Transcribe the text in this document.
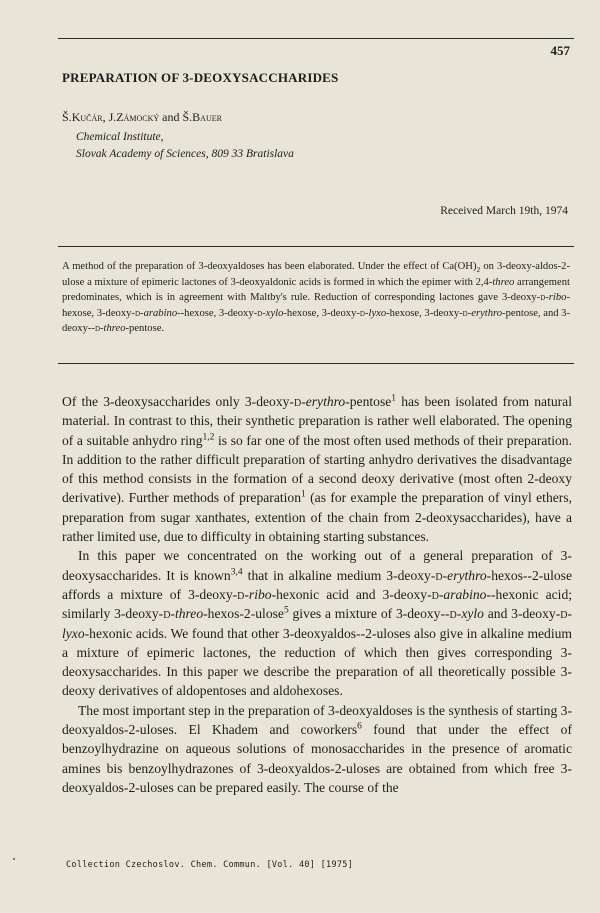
457
PREPARATION OF 3-DEOXYSACCHARIDES
Š.Kučár, J.Zámocký and Š.Bauer
Chemical Institute,
Slovak Academy of Sciences, 809 33 Bratislava
Received March 19th, 1974
A method of the preparation of 3-deoxyaldoses has been elaborated. Under the effect of $Ca(OH)_2$ on 3-deoxy-aldos-2-ulose a mixture of epimeric lactones of 3-deoxyaldonic acids is formed in which the epimer with 2,4-threo arrangement predominates, which is in agreement with Maltby's rule. Reduction of corresponding lactones gave 3-deoxy-d-ribo-hexose, 3-deoxy-d-arabino--hexose, 3-deoxy-d-xylo-hexose, 3-deoxy-d-lyxo-hexose, 3-deoxy-d-erythro-pentose, and 3-deoxy--d-threo-pentose.

Of the 3-deoxysaccharides only 3-deoxy-d-erythro-pentose$^1$ has been isolated from natural material. In contrast to this, their synthetic preparation is rather well elaborated. The opening of a suitable anhydro ring$^{1,2}$ is so far one of the most often used methods of their preparation. In addition to the rather difficult preparation of starting anhydro derivatives the disadvantage of this method consists in the formation of a second deoxy derivative (most often 2-deoxy derivative). Further methods of preparation$^1$ (as for example the preparation of vinyl ethers, preparation from sugar xanthates, extention of the chain from 2-deoxysaccharides), have a rather limited use, due to difficulty in obtaining starting substances.

In this paper we concentrated on the working out of a general preparation of 3-deoxysaccharides. It is known$^{3,4}$ that in alkaline medium 3-deoxy-d-erythro-hexos--2-ulose affords a mixture of 3-deoxy-d-ribo-hexonic acid and 3-deoxy-d-arabino--hexonic acid; similarly 3-deoxy-d-threo-hexos-2-ulose$^5$ gives a mixture of 3-deoxy--d-xylo and 3-deoxy-d-lyxo-hexonic acids. We found that other 3-deoxyaldos--2-uloses also give in alkaline medium a mixture of epimeric lactones, the reduction of which then gives corresponding 3-deoxysaccharides. In this paper we describe the preparation of all theoretically possible 3-deoxy derivatives of aldopentoses and aldohexoses.

The most important step in the preparation of 3-deoxyaldoses is the synthesis of starting 3-deoxyaldos-2-uloses. El Khadem and coworkers$^6$ found that under the effect of benzoylhydrazine on aqueous solutions of monosaccharides in the presence of aromatic amines bis benzoylhydrazones of 3-deoxyaldos-2-uloses are obtained from which free 3-deoxyaldos-2-uloses can be prepared easily. The course of the

Collection Czechoslov. Chem. Commun. [Vol. 40] [1975]
